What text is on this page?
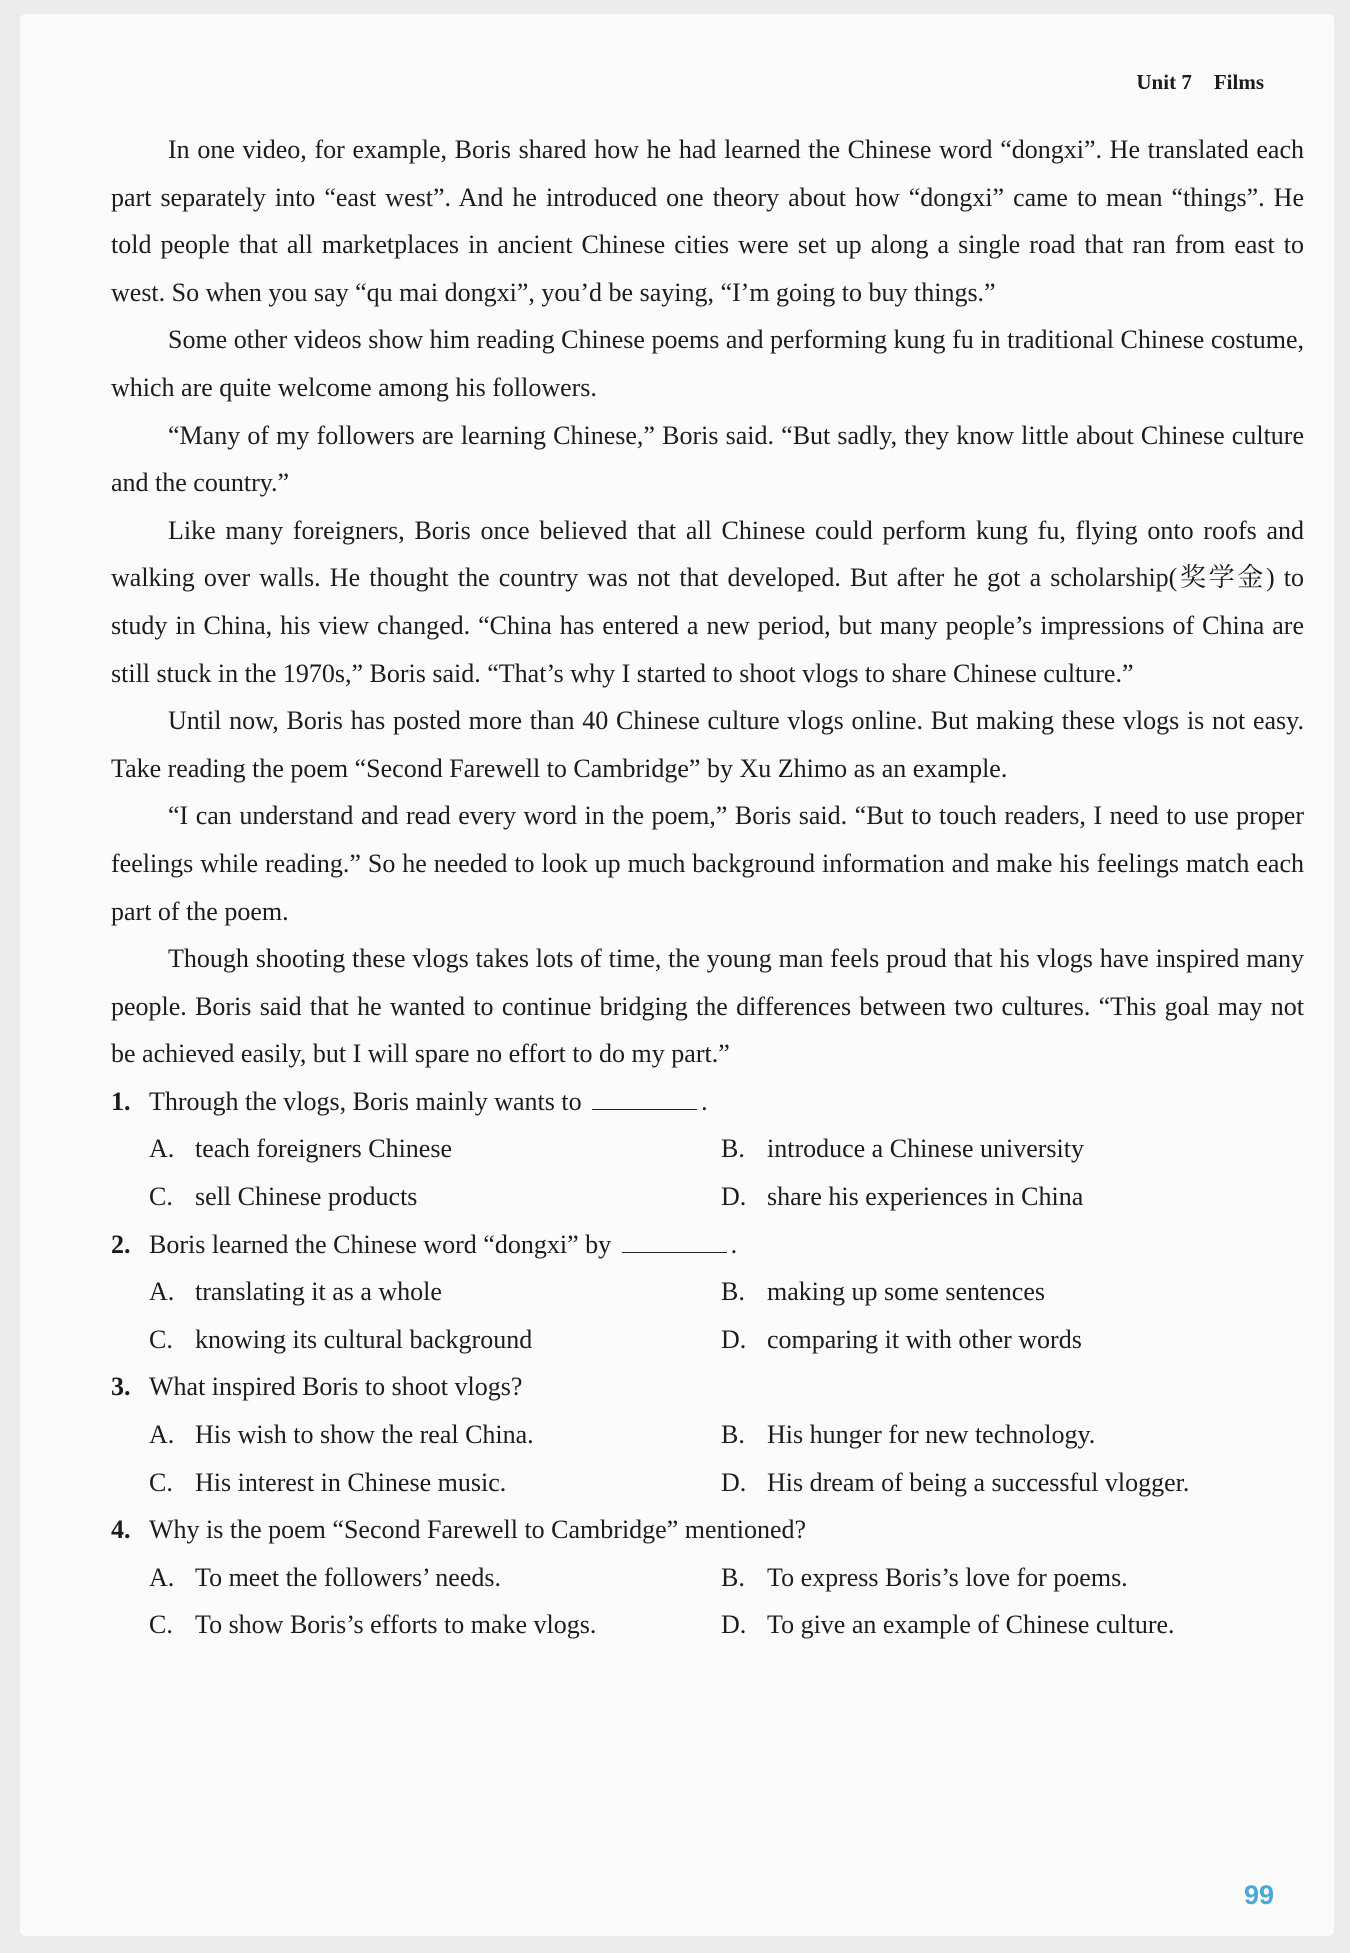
Unit 7 Films

In one video, for example, Boris shared how he had learned the Chinese word “dongxi”. He translated each part separately into “east west”. And he introduced one theory about how “dongxi” came to mean “things”. He told people that all marketplaces in ancient Chinese cities were set up along a single road that ran from east to west. So when you say “qu mai dongxi”, you’d be saying, “I’m going to buy things.”

Some other videos show him reading Chinese poems and performing kung fu in traditional Chinese costume, which are quite welcome among his followers.

“Many of my followers are learning Chinese,” Boris said. “But sadly, they know little about Chinese culture and the country.”

Like many foreigners, Boris once believed that all Chinese could perform kung fu, flying onto roofs and walking over walls. He thought the country was not that developed. But after he got a scholarship(奖学金) to study in China, his view changed. “China has entered a new period, but many people’s impressions of China are still stuck in the 1970s,” Boris said. “That’s why I started to shoot vlogs to share Chinese culture.”

Until now, Boris has posted more than 40 Chinese culture vlogs online. But making these vlogs is not easy. Take reading the poem “Second Farewell to Cambridge” by Xu Zhimo as an example.

“I can understand and read every word in the poem,” Boris said. “But to touch readers, I need to use proper feelings while reading.” So he needed to look up much background information and make his feelings match each part of the poem.

Though shooting these vlogs takes lots of time, the young man feels proud that his vlogs have inspired many people. Boris said that he wanted to continue bridging the differences between two cultures. “This goal may not be achieved easily, but I will spare no effort to do my part.”

1. Through the vlogs, Boris mainly wants to	.
A. teach foreigners Chinese	B. introduce a Chinese university
C. sell Chinese products	D. share his experiences in China
2. Boris learned the Chinese word “dongxi” by	.
A. translating it as a whole	B. making up some sentences
C. knowing its cultural background	D. comparing it with other words
3. What inspired Boris to shoot vlogs?
A. His wish to show the real China.	B. His hunger for new technology.
C. His interest in Chinese music.	D. His dream of being a successful vlogger.
4. Why is the poem “Second Farewell to Cambridge” mentioned?
A. To meet the followers’ needs.	B. To express Boris’s love for poems.
C. To show Boris’s efforts to make vlogs.	D. To give an example of Chinese culture.
99
